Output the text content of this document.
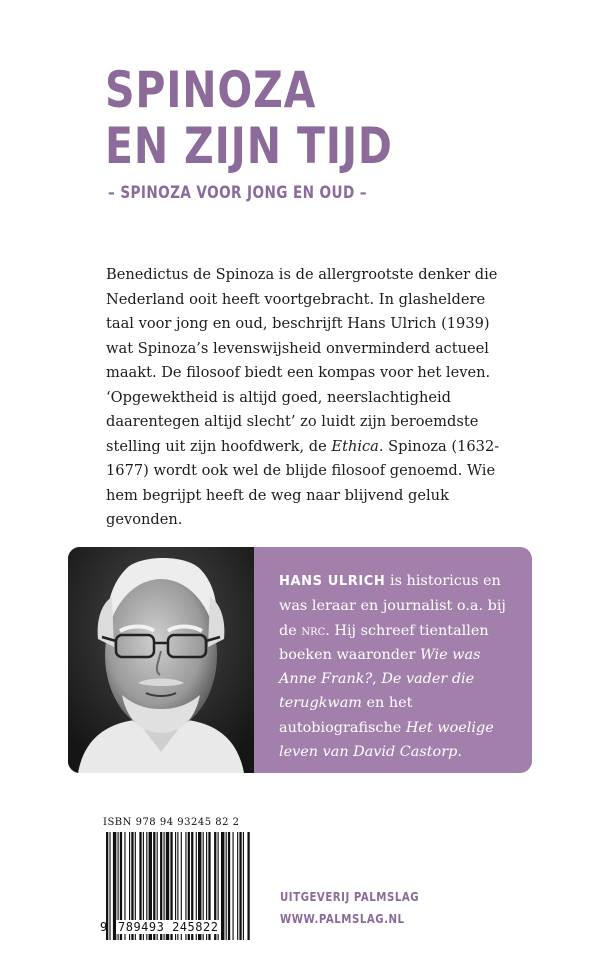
SPINOZA
EN ZIJN TIJD

– SPINOZA VOOR JONG EN OUD –

Benedictus de Spinoza is de allergrootste denker die Nederland ooit heeft voortgebracht. In glasheldere taal voor jong en oud, beschrijft Hans Ulrich (1939) wat Spinoza’s levenswijsheid onverminderd actueel maakt. De filosoof biedt een kompas voor het leven. ‘Opgewektheid is altijd goed, neerslachtigheid daarentegen altijd slecht’ zo luidt zijn beroemdste stelling uit zijn hoofdwerk, de Ethica. Spinoza (1632-1677) wordt ook wel de blijde filosoof genoemd. Wie hem begrijpt heeft de weg naar blijvend geluk gevonden.

HANS ULRICH is historicus en was leraar en journalist o.a. bij de nrc. Hij schreef tientallen boeken waaronder Wie was Anne Frank?, De vader die terugkwam en het autobiografische Het woelige leven van David Castorp.

ISBN 978 94 93245 82 2

9 789493 245822

UITGEVERIJ PALMSLAG
WWW.PALMSLAG.NL
